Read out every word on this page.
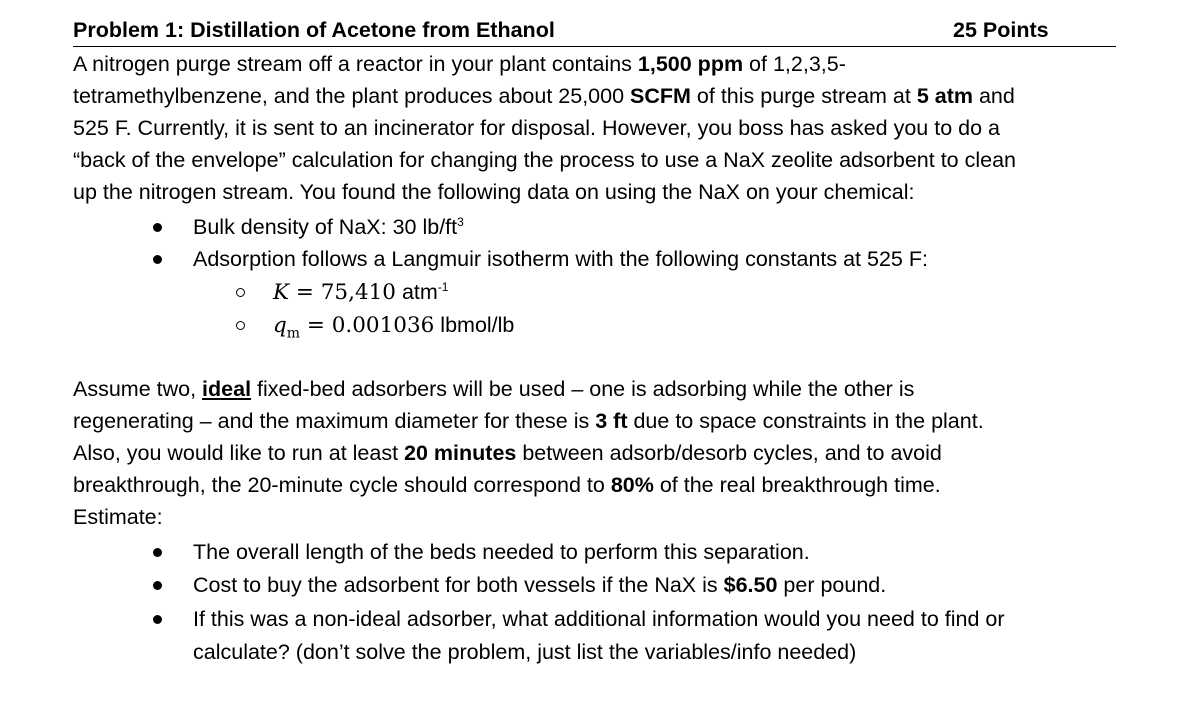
Problem 1: Distillation of Acetone from Ethanol	25 Points
A nitrogen purge stream off a reactor in your plant contains 1,500 ppm of 1,2,3,5-
tetramethylbenzene, and the plant produces about 25,000 SCFM of this purge stream at 5 atm and
525 F. Currently, it is sent to an incinerator for disposal. However, you boss has asked you to do a
“back of the envelope” calculation for changing the process to use a NaX zeolite adsorbent to clean
up the nitrogen stream. You found the following data on using the NaX on your chemical:
Bulk density of NaX: 30 $lb/ft^3$
Adsorption follows a Langmuir isotherm with the following constants at 525 F:
K = 75,410 atm$^{-1}$
$q_m = 0.001036$ lbmol/lb
Assume two, ideal fixed-bed adsorbers will be used – one is adsorbing while the other is
regenerating – and the maximum diameter for these is 3 ft due to space constraints in the plant.
Also, you would like to run at least 20 minutes between adsorb/desorb cycles, and to avoid
breakthrough, the 20-minute cycle should correspond to 80% of the real breakthrough time.
Estimate:
The overall length of the beds needed to perform this separation.
Cost to buy the adsorbent for both vessels if the NaX is $6.50 per pound.
If this was a non-ideal adsorber, what additional information would you need to find or
calculate? (don’t solve the problem, just list the variables/info needed)
